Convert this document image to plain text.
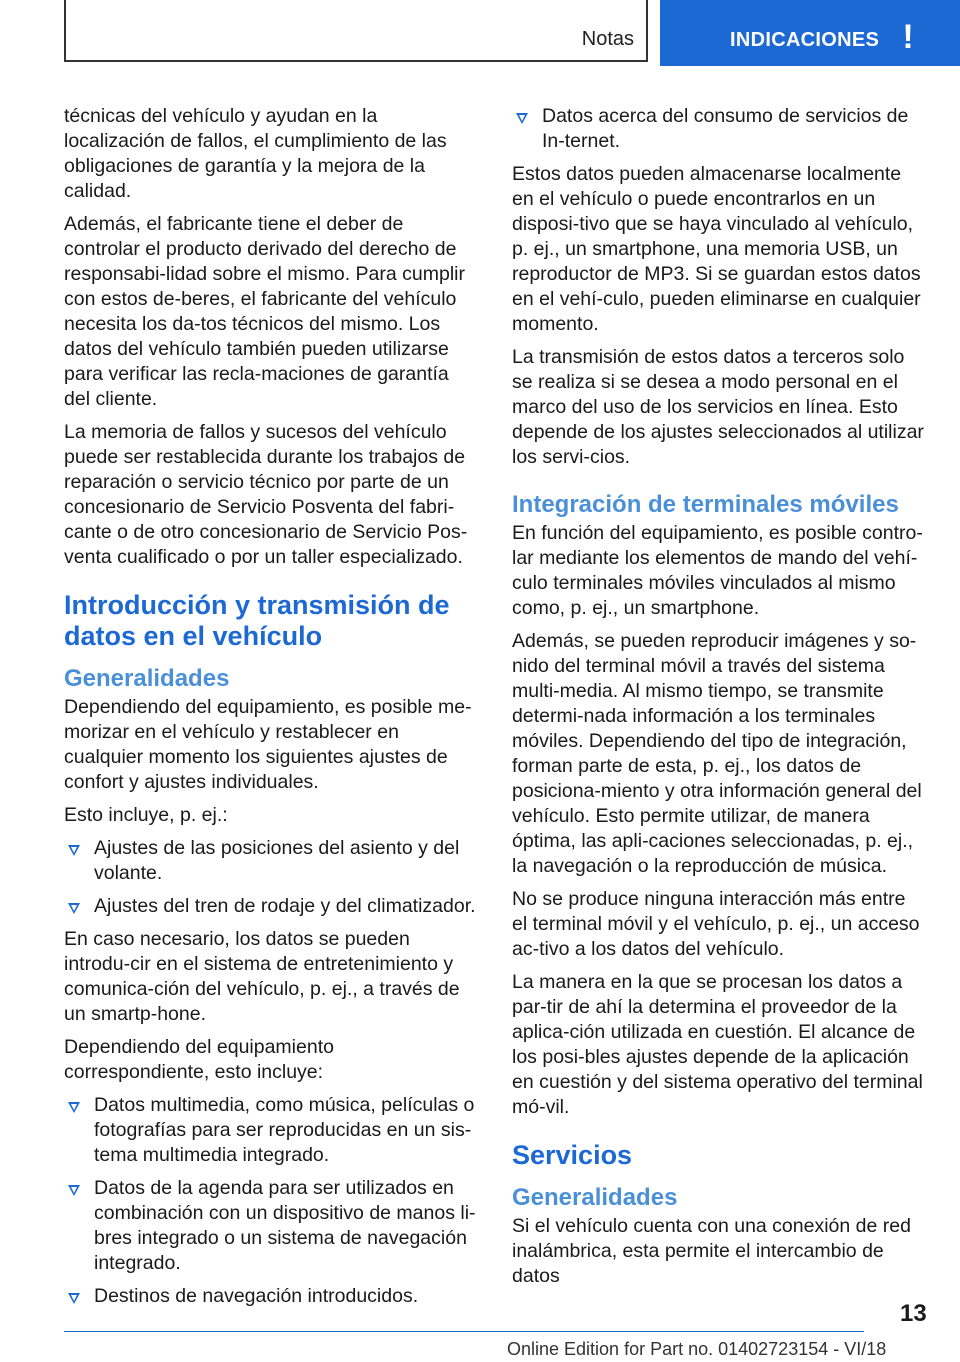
Notas	INDICACIONES !

técnicas del vehículo y ayudan en la localización de fallos, el cumplimiento de las obligaciones de garantía y la mejora de la calidad.

Además, el fabricante tiene el deber de controlar el producto derivado del derecho de responsabi-lidad sobre el mismo. Para cumplir con estos de-beres, el fabricante del vehículo necesita los da-tos técnicos del mismo. Los datos del vehículo también pueden utilizarse para verificar las recla-maciones de garantía del cliente.

La memoria de fallos y sucesos del vehículo puede ser restablecida durante los trabajos de reparación o servicio técnico por parte de un concesionario de Servicio Posventa del fabri-cante o de otro concesionario de Servicio Pos-venta cualificado o por un taller especializado.

Introducción y transmisión de datos en el vehículo
Generalidades

Dependiendo del equipamiento, es posible me-morizar en el vehículo y restablecer en cualquier momento los siguientes ajustes de confort y ajustes individuales.

Esto incluye, p. ej.:

Ajustes de las posiciones del asiento y del volante.
Ajustes del tren de rodaje y del climatizador.

En caso necesario, los datos se pueden introdu-cir en el sistema de entretenimiento y comunica-ción del vehículo, p. ej., a través de un smartp-hone.

Dependiendo del equipamiento correspondiente, esto incluye:

Datos multimedia, como música, películas o fotografías para ser reproducidas en un sis-tema multimedia integrado.
Datos de la agenda para ser utilizados en combinación con un dispositivo de manos li-bres integrado o un sistema de navegación integrado.
Destinos de navegación introducidos.
Datos acerca del consumo de servicios de In-ternet.

Estos datos pueden almacenarse localmente en el vehículo o puede encontrarlos en un disposi-tivo que se haya vinculado al vehículo, p. ej., un smartphone, una memoria USB, un reproductor de MP3. Si se guardan estos datos en el vehí-culo, pueden eliminarse en cualquier momento.

La transmisión de estos datos a terceros solo se realiza si se desea a modo personal en el marco del uso de los servicios en línea. Esto depende de los ajustes seleccionados al utilizar los servi-cios.

Integración de terminales móviles

En función del equipamiento, es posible contro-lar mediante los elementos de mando del vehí-culo terminales móviles vinculados al mismo como, p. ej., un smartphone.

Además, se pueden reproducir imágenes y so-nido del terminal móvil a través del sistema multi-media. Al mismo tiempo, se transmite determi-nada información a los terminales móviles. Dependiendo del tipo de integración, forman parte de esta, p. ej., los datos de posiciona-miento y otra información general del vehículo. Esto permite utilizar, de manera óptima, las apli-caciones seleccionadas, p. ej., la navegación o la reproducción de música.

No se produce ninguna interacción más entre el terminal móvil y el vehículo, p. ej., un acceso ac-tivo a los datos del vehículo.

La manera en la que se procesan los datos a par-tir de ahí la determina el proveedor de la aplica-ción utilizada en cuestión. El alcance de los posi-bles ajustes depende de la aplicación en cuestión y del sistema operativo del terminal mó-vil.

Servicios
Generalidades

Si el vehículo cuenta con una conexión de red inalámbrica, esta permite el intercambio de datos

13
Online Edition for Part no. 01402723154 - VI/18
